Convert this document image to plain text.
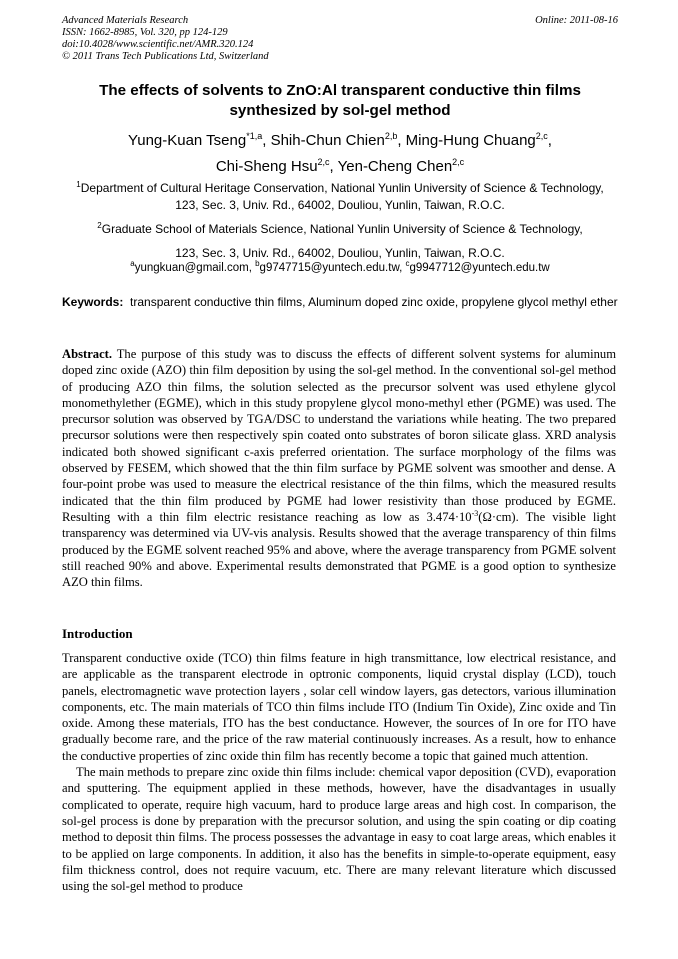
Advanced Materials Research
ISSN: 1662-8985, Vol. 320, pp 124-129
doi:10.4028/www.scientific.net/AMR.320.124
© 2011 Trans Tech Publications Ltd, Switzerland
Online: 2011-08-16
The effects of solvents to ZnO:Al transparent conductive thin films
synthesized by sol-gel method
Yung-Kuan Tseng$^{*1,a}$, Shih-Chun Chien$^{2,b}$, Ming-Hung Chuang$^{2,c}$,
Chi-Sheng Hsu$^{2,c}$, Yen-Cheng Chen$^{2,c}$
$^1$Department of Cultural Heritage Conservation, National Yunlin University of Science & Technology,
123, Sec. 3, Univ. Rd., 64002, Douliou, Yunlin, Taiwan, R.O.C.
$^2$Graduate School of Materials Science, National Yunlin University of Science & Technology,
123, Sec. 3, Univ. Rd., 64002, Douliou, Yunlin, Taiwan, R.O.C.
$^a$yungkuan@gmail.com, $^b$g9747715@yuntech.edu.tw, $^c$g9947712@yuntech.edu.tw
Keywords: transparent conductive thin films, Aluminum doped zinc oxide, propylene glycol methyl ether
Abstract. The purpose of this study was to discuss the effects of different solvent systems for aluminum doped zinc oxide (AZO) thin film deposition by using the sol-gel method. In the conventional sol-gel method of producing AZO thin films, the solution selected as the precursor solvent was used ethylene glycol monomethylether (EGME), which in this study propylene glycol mono-methyl ether (PGME) was used. The precursor solution was observed by TGA/DSC to understand the variations while heating. The two prepared precursor solutions were then respectively spin coated onto substrates of boron silicate glass. XRD analysis indicated both showed significant c-axis preferred orientation. The surface morphology of the films was observed by FESEM, which showed that the thin film surface by PGME solvent was smoother and dense. A four-point probe was used to measure the electrical resistance of the thin films, which the measured results indicated that the thin film produced by PGME had lower resistivity than those produced by EGME. Resulting with a thin film electric resistance reaching as low as $3.474\cdot 10^{-3}(\Omega\cdot cm)$. The visible light transparency was determined via UV-vis analysis. Results showed that the average transparency of thin films produced by the EGME solvent reached 95% and above, where the average transparency from PGME solvent still reached 90% and above. Experimental results demonstrated that PGME is a good option to synthesize AZO thin films.
Introduction

Transparent conductive oxide (TCO) thin films feature in high transmittance, low electrical resistance, and are applicable as the transparent electrode in optronic components, liquid crystal display (LCD), touch panels, electromagnetic wave protection layers , solar cell window layers, gas detectors, various illumination components, etc. The main materials of TCO thin films include ITO (Indium Tin Oxide), Zinc oxide and Tin oxide. Among these materials, ITO has the best conductance. However, the sources of In ore for ITO have gradually become rare, and the price of the raw material continuously increases. As a result, how to enhance the conductive properties of zinc oxide thin film has recently become a topic that gained much attention.

The main methods to prepare zinc oxide thin films include: chemical vapor deposition (CVD), evaporation and sputtering. The equipment applied in these methods, however, have the disadvantages in usually complicated to operate, require high vacuum, hard to produce large areas and high cost. In comparison, the sol-gel process is done by preparation with the precursor solution, and using the spin coating or dip coating method to deposit thin films. The process possesses the advantage in easy to coat large areas, which enables it to be applied on large components. In addition, it also has the benefits in simple-to-operate equipment, easy film thickness control, does not require vacuum, etc. There are many relevant literature which discussed using the sol-gel method to produce
